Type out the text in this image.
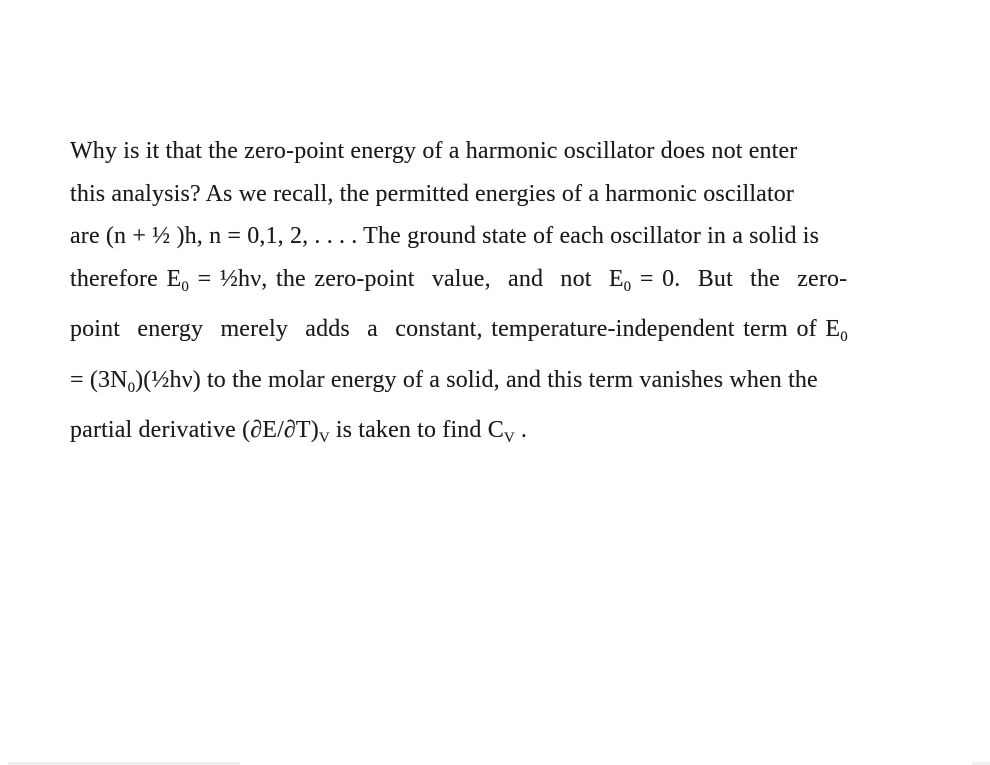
Why is it that the zero-point energy of a harmonic oscillator does not enter
this analysis? As we recall, the permitted energies of a harmonic oscillator
are (n + ½ )h, n = 0,1, 2, . . . . The ground state of each oscillator in a solid is
therefore $E_0$ = ½hν, the zero-point  value,  and  not  $E_0 = 0$.  But  the  zero-
point  energy  merely  adds  a  constant, temperature-independent term of $E_0$
= $(3N_0)(\frac{1}{2}h\nu)$ to the molar energy of a solid, and this term vanishes when the
partial derivative $(\partial E/\partial T)_V$ is taken to find $C_V$ .
